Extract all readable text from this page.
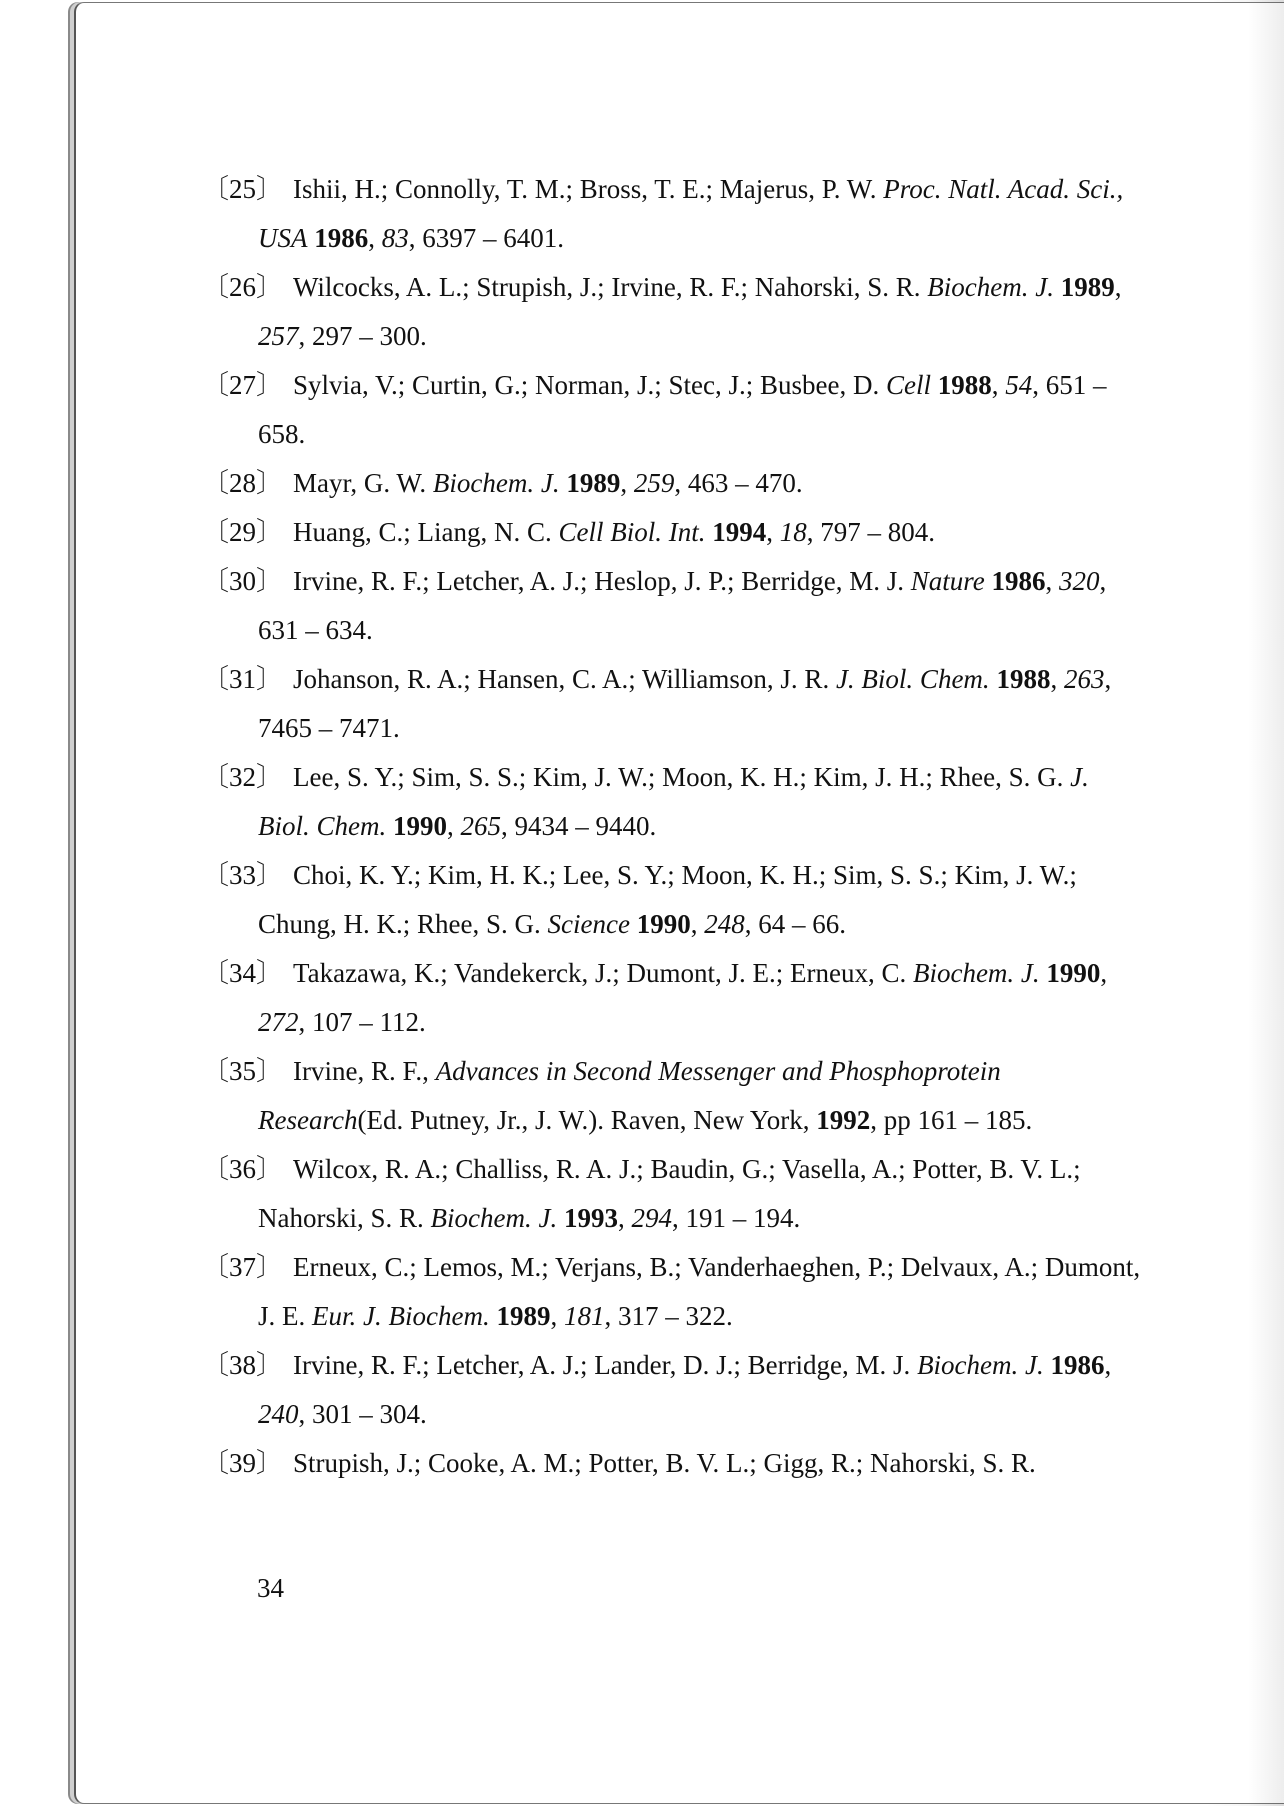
〔25〕 Ishii, H.; Connolly, T. M.; Bross, T. E.; Majerus, P. W. Proc. Natl. Acad. Sci., USA 1986, 83, 6397 – 6401.

〔26〕 Wilcocks, A. L.; Strupish, J.; Irvine, R. F.; Nahorski, S. R. Biochem. J. 1989, 257, 297 – 300.

〔27〕 Sylvia, V.; Curtin, G.; Norman, J.; Stec, J.; Busbee, D. Cell 1988, 54, 651 – 658.

〔28〕 Mayr, G. W. Biochem. J. 1989, 259, 463 – 470.

〔29〕 Huang, C.; Liang, N. C. Cell Biol. Int. 1994, 18, 797 – 804.

〔30〕 Irvine, R. F.; Letcher, A. J.; Heslop, J. P.; Berridge, M. J. Nature 1986, 320, 631 – 634.

〔31〕 Johanson, R. A.; Hansen, C. A.; Williamson, J. R. J. Biol. Chem. 1988, 263, 7465 – 7471.

〔32〕 Lee, S. Y.; Sim, S. S.; Kim, J. W.; Moon, K. H.; Kim, J. H.; Rhee, S. G. J. Biol. Chem. 1990, 265, 9434 – 9440.

〔33〕 Choi, K. Y.; Kim, H. K.; Lee, S. Y.; Moon, K. H.; Sim, S. S.; Kim, J. W.; Chung, H. K.; Rhee, S. G. Science 1990, 248, 64 – 66.

〔34〕 Takazawa, K.; Vandekerck, J.; Dumont, J. E.; Erneux, C. Biochem. J. 1990, 272, 107 – 112.

〔35〕 Irvine, R. F., Advances in Second Messenger and Phosphoprotein Research(Ed. Putney, Jr., J. W.). Raven, New York, 1992, pp 161 – 185.

〔36〕 Wilcox, R. A.; Challiss, R. A. J.; Baudin, G.; Vasella, A.; Potter, B. V. L.; Nahorski, S. R. Biochem. J. 1993, 294, 191 – 194.

〔37〕 Erneux, C.; Lemos, M.; Verjans, B.; Vanderhaeghen, P.; Delvaux, A.; Dumont, J. E. Eur. J. Biochem. 1989, 181, 317 – 322.

〔38〕 Irvine, R. F.; Letcher, A. J.; Lander, D. J.; Berridge, M. J. Biochem. J. 1986, 240, 301 – 304.

〔39〕 Strupish, J.; Cooke, A. M.; Potter, B. V. L.; Gigg, R.; Nahorski, S. R.

34
